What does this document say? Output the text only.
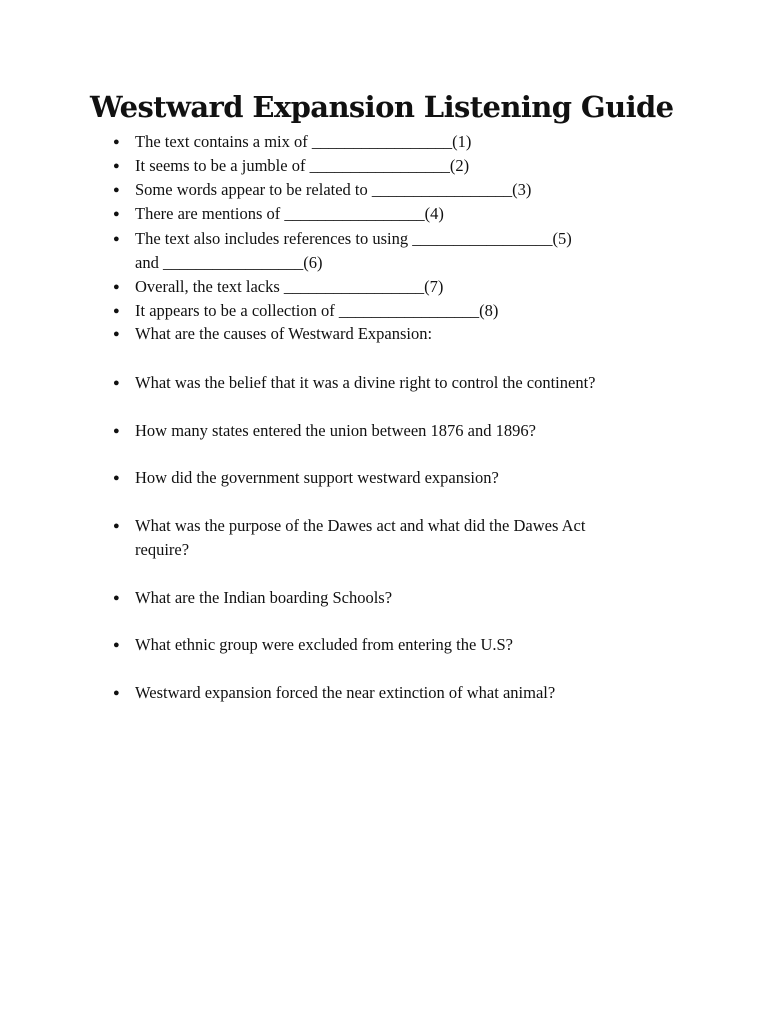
Westward Expansion Listening Guide
● The text contains a mix of _________________(1)
● It seems to be a jumble of _________________(2)
● Some words appear to be related to _________________(3)
● There are mentions of _________________(4)
● The text also includes references to using _________________(5)
and _________________(6)
● Overall, the text lacks _________________(7)
● It appears to be a collection of _________________(8)
● What are the causes of Westward Expansion:
● What was the belief that it was a divine right to control the continent?
● How many states entered the union between 1876 and 1896?
● How did the government support westward expansion?
● What was the purpose of the Dawes act and what did the Dawes Act
require?
● What are the Indian boarding Schools?
● What ethnic group were excluded from entering the U.S?
● Westward expansion forced the near extinction of what animal?
